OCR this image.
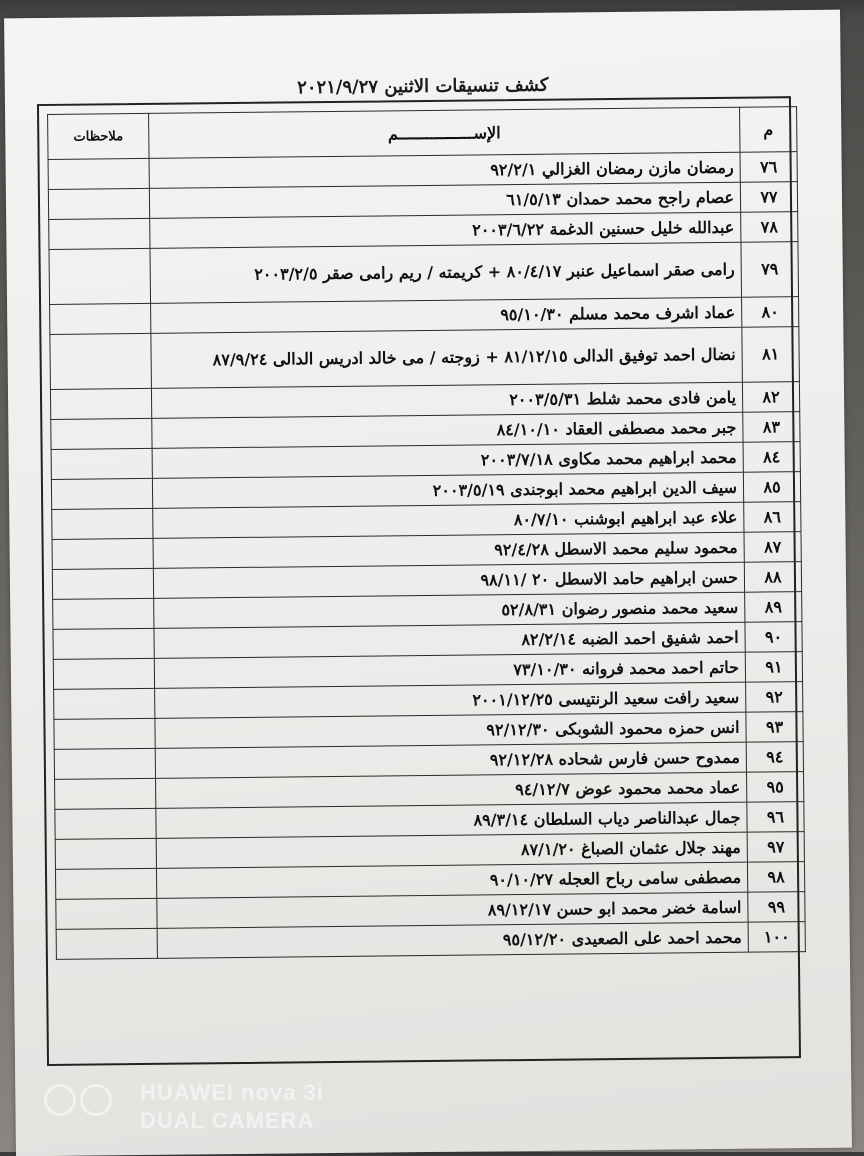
كشف تنسيقات الاثنين ٢٠٢١/٩/٢٧
م	الإســــــــــــــــم	ملاحظات
٧٦	رمضان مازن رمضان الغزالي ٩٢/٢/١	
٧٧	عصام راجح محمد حمدان ٦١/٥/١٣	
٧٨	عبدالله خليل حسنين الدغمة ٢٠٠٣/٦/٢٢	
٧٩	رامى صقر اسماعيل عنبر ٨٠/٤/١٧ + كريمته / ريم رامى صقر ٢٠٠٣/٢/٥	
٨٠	عماد اشرف محمد مسلم ٩٥/١٠/٣٠	
٨١	نضال احمد توفيق الدالى ٨١/١٢/١٥ + زوجته / مى خالد ادريس الدالى ٨٧/٩/٢٤	
٨٢	يامن فادى محمد شلط ٢٠٠٣/٥/٣١	
٨٣	جبر محمد مصطفى العقاد ٨٤/١٠/١٠	
٨٤	محمد ابراهيم محمد مكاوى ٢٠٠٣/٧/١٨	
٨٥	سيف الدين ابراهيم محمد ابوجندى ٢٠٠٣/٥/١٩	
٨٦	علاء عبد ابراهيم ابوشنب ٨٠/٧/١٠	
٨٧	محمود سليم محمد الاسطل ٩٢/٤/٢٨	
٨٨	حسن ابراهيم حامد الاسطل ٢٠ /٩٨/١١	
٨٩	سعيد محمد منصور رضوان ٥٢/٨/٣١	
٩٠	احمد شفيق احمد الضبه ٨٢/٢/١٤	
٩١	حاتم احمد محمد فروانه ٧٣/١٠/٣٠	
٩٢	سعيد رافت سعيد الرنتيسى ٢٠٠١/١٢/٢٥	
٩٣	انس حمزه محمود الشوبكى ٩٢/١٢/٣٠	
٩٤	ممدوح حسن فارس شحاده ٩٢/١٢/٢٨	
٩٥	عماد محمد محمود عوض ٩٤/١٢/٧	
٩٦	جمال عبدالناصر دياب السلطان ٨٩/٣/١٤	
٩٧	مهند جلال عثمان الصباغ ٨٧/١/٢٠	
٩٨	مصطفى سامى رباح العجله ٩٠/١٠/٢٧	
٩٩	اسامة خضر محمد ابو حسن ٨٩/١٢/١٧	
١٠٠	محمد احمد على الصعيدى ٩٥/١٢/٢٠	
HUAWEI nova 3i
DUAL CAMERA
